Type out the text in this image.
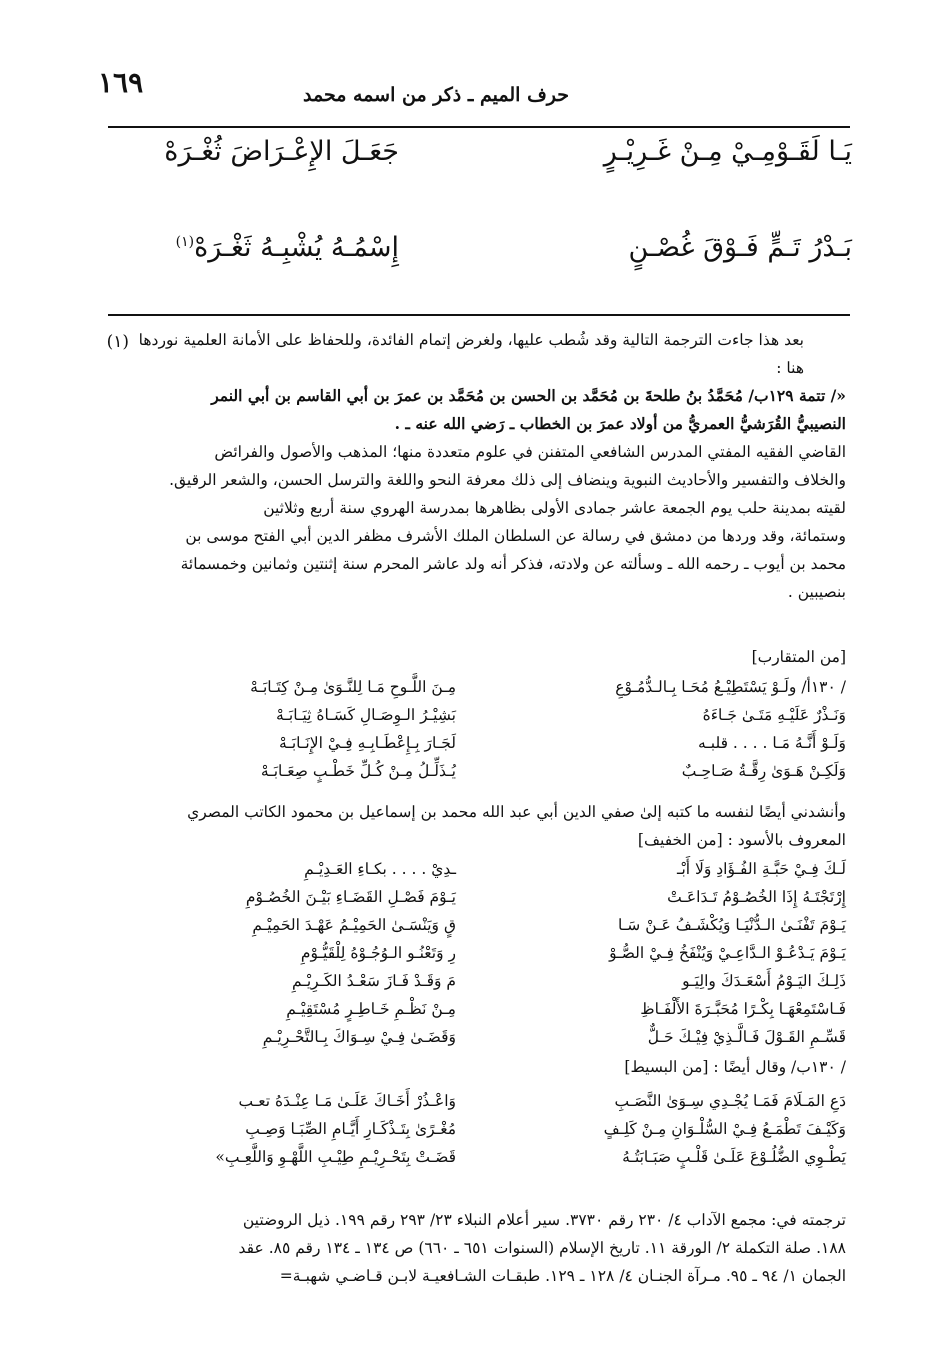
١٦٩	حرف الميم ـ ذكر من اسمه محمد
يَـا لَقَـوْمِـيْ مِـنْ غَـرِيْـرٍ
جَعَـلَ الإِعْـرَاضَ ثُغْـرَهْ
بَـدْرُ تَـمٍّ فَـوْقَ غُصْـنٍ
إِسْمُـهُ يُشْبِـهُ ثَغْـرَهْ$^{(١)}$
(١) بعد هذا جاءت الترجمة التالية وقد شُطب عليها، ولغرض إتمام الفائدة، وللحفاظ على الأمانة العلمية نوردها
هنا :
«/ تتمة ١٢٩ب/ مُحَمَّدُ بنُ طلحةَ بن مُحَمَّد بن الحسن بن مُحَمَّد بن عمرَ بن أبي القاسم بن أبي النمر
النصيبيُّ القُرَشيُّ العمريُّ من أولاد عمرَ بن الخطاب ـ رَضي الله عنه ـ .
القاضي الفقيه المفتي المدرس الشافعي المتفنن في علوم متعددة منها؛ المذهب والأصول والفرائض
والخلاف والتفسير والأحاديث النبوية وينضاف إلى ذلك معرفة النحو واللغة والترسل الحسن، والشعر الرقيق.
لقيته بمدينة حلب يوم الجمعة عاشر جمادى الأولى بظاهرها بمدرسة الهروي سنة أربع وثلاثين
وستمائة، وقد وردها من دمشق في رسالة عن السلطان الملك الأشرف مظفر الدين أبي الفتح موسى بن
محمد بن أيوب ـ رحمه الله ـ وسألته عن ولادته، فذكر أنه ولد عاشر المحرم سنة إثنتين وثمانين وخمسمائة
بنصيبين .
[من المتقارب]
/ ١٣٠أ/ ولَـوْ يَسْتَطِيْـعُ مُحَـا بِـالـدُّمُـوْعِ
مِـنَ اللَّـوحِ مَـا لِلنَّـوَىٰ مِـنْ كِتَـابَـهْ
وَنَـذْرٌ عَلَيْـهِ مَتَـىٰ جَـاءَهُ
بَشِيْـرُ الـوِصَـالِ كَسَـاهُ ثِيَـابَـهْ
وَلَـوْ أَنَّـهُ مَـا . . . . قلبـه
لَجَـارَ بِـإِعْطَـابِـهِ فِـيْ الإِنَـابَـهْ
وَلَكِـنْ هَـوَىٰ رِقَّـةُ صَـاحِـبٌ
يُـذَلِّـلُ مِـنْ كُـلِّ خَطْـبٍ صِعَـابَـهْ
وأنشدني أيضًا لنفسه ما كتبه إلىٰ صفي الدين أبي عبد الله محمد بن إسماعيل بن محمود الكاتب المصري
المعروف بالأسود : [من الخفيف]
لَـكَ فِـيْ حَبَّـةِ الفُـؤَادِ وَلَا أَبْـ
ـدِيْ . . . . بكـاءِ العَـدِيْـمِ
إِرْتَجْتَـهُ إِذَا الخُصُـوْمُ تَـدَاعَـتْ
يَـوْمَ فَصْـلِ القَضَـاءِ بَيْـنَ الخُصُـوْمِ
يَـوْمَ تَفْنَـىٰ الـدُّنْيَـا وَيُكْشَـفُ عَـنْ سَـا
قٍ وَيَنْسَـىٰ الحَمِيْـمُ عَهْـدَ الحَمِيْـمِ
يَـوْمَ يَـدْعُـوْ الـدَّاعِـيْ وَيُنْفَخُ فِـيْ الصُّـوْ
رِ وَتَعْنُـو الـوُجُـوْهُ لِلْقَيُّـوْمِ
ذَلِـكَ اليَـوْمُ أَسْعَـدَكَ والِيَـو
مَ وَقَـدْ فَـازَ سَعْـدُ الكَـرِيْـمِ
فَـاسْتَمِعْهَـا بِكْـرًا مُحَبَّـرَةَ الأَلْفَـاظِ
مِـنْ نَظْـمِ خَـاطِـرٍ مُسْتَقِيْـمِ
قَسِّـمِ القَـوْلَ فَـالَّـذِيْ فِيْـكَ حَـلٌّ
وَقَضَـىٰ فِـيْ سِـوَاكَ بِـالتَّحْـرِيْـمِ
/ ١٣٠ب/ وقال أيضًا : [من البسيط]
دَعِ المَـلَامَ فَمَـا يُجْـدِي سِـوَىٰ النَّصَـبِ
وَاعْـذُرْ أَخَـاكَ عَلَـىٰ مَـا عِنْـدَهُ تعـب
وَكَيْـفَ تَطْمَـعُ فِـيْ السُّلْـوَانِ مِـنْ كَلِـفٍ
مُغْـرًىٰ بِتَـذْكَـارِ أَيَّـامِ الصِّبَـا وَصِـبِ
يَطْـوِي الضُّلُـوْعَ عَلَـىٰ قَلْـبٍ صَبَـابَتُـهُ
قَضَـتْ بِتَحْـرِيْـمِ طِيْـبِ اللَّهْـوِ وَاللَّعِـبِ»
ترجمته في: مجمع الآداب ٤/ ٢٣٠ رقم ٣٧٣٠. سير أعلام النبلاء ٢٣/ ٢٩٣ رقم ١٩٩. ذيل الروضتين
١٨٨. صلة التكملة ٢/ الورقة ١١. تاريخ الإسلام (السنوات ٦٥١ ـ ٦٦٠) ص ١٣٤ ـ ١٣٤ رقم ٨٥. عقد
الجمان ١/ ٩٤ ـ ٩٥. مـرآة الجنـان ٤/ ١٢٨ ـ ١٢٩. طبقـات الشـافعيـة لابـن قـاضـي شهبـة=
